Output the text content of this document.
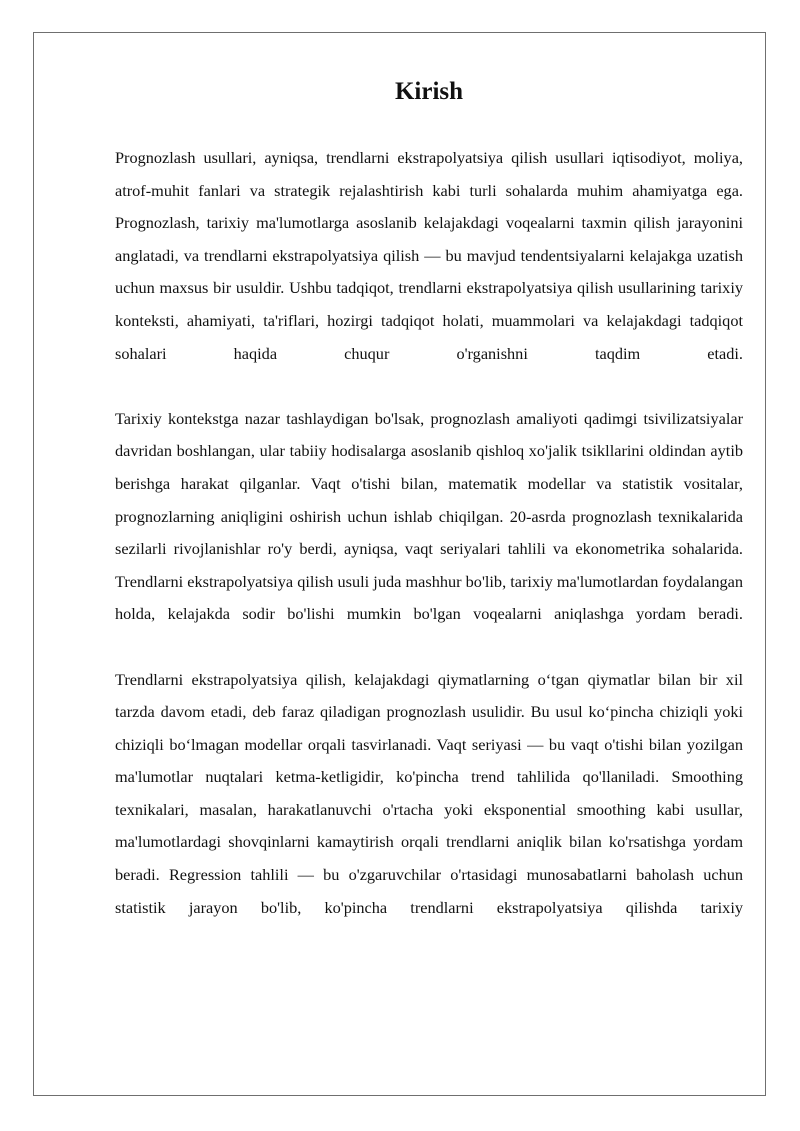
Kirish

Prognozlash usullari, ayniqsa, trendlarni ekstrapolyatsiya qilish usullari iqtisodiyot, moliya, atrof-muhit fanlari va strategik rejalashtirish kabi turli sohalarda muhim ahamiyatga ega. Prognozlash, tarixiy ma'lumotlarga asoslanib kelajakdagi voqealarni taxmin qilish jarayonini anglatadi, va trendlarni ekstrapolyatsiya qilish — bu mavjud tendentsiyalarni kelajakga uzatish uchun maxsus bir usuldir. Ushbu tadqiqot, trendlarni ekstrapolyatsiya qilish usullarining tarixiy konteksti, ahamiyati, ta'riflari, hozirgi tadqiqot holati, muammolari va kelajakdagi tadqiqot sohalari haqida chuqur o'rganishni taqdim etadi.

Tarixiy kontekstga nazar tashlaydigan bo'lsak, prognozlash amaliyoti qadimgi tsivilizatsiyalar davridan boshlangan, ular tabiiy hodisalarga asoslanib qishloq xo'jalik tsikllarini oldindan aytib berishga harakat qilganlar. Vaqt o'tishi bilan, matematik modellar va statistik vositalar, prognozlarning aniqligini oshirish uchun ishlab chiqilgan. 20-asrda prognozlash texnikalarida sezilarli rivojlanishlar ro'y berdi, ayniqsa, vaqt seriyalari tahlili va ekonometrika sohalarida. Trendlarni ekstrapolyatsiya qilish usuli juda mashhur bo'lib, tarixiy ma'lumotlardan foydalangan holda, kelajakda sodir bo'lishi mumkin bo'lgan voqealarni aniqlashga yordam beradi.

Trendlarni ekstrapolyatsiya qilish, kelajakdagi qiymatlarning o‘tgan qiymatlar bilan bir xil tarzda davom etadi, deb faraz qiladigan prognozlash usulidir. Bu usul ko‘pincha chiziqli yoki chiziqli bo‘lmagan modellar orqali tasvirlanadi. Vaqt seriyasi — bu vaqt o'tishi bilan yozilgan ma'lumotlar nuqtalari ketma-ketligidir, ko'pincha trend tahlilida qo'llaniladi. Smoothing texnikalari, masalan, harakatlanuvchi o'rtacha yoki eksponential smoothing kabi usullar, ma'lumotlardagi shovqinlarni kamaytirish orqali trendlarni aniqlik bilan ko'rsatishga yordam beradi. Regression tahlili — bu o'zgaruvchilar o'rtasidagi munosabatlarni baholash uchun statistik jarayon bo'lib, ko'pincha trendlarni ekstrapolyatsiya qilishda tarixiy
